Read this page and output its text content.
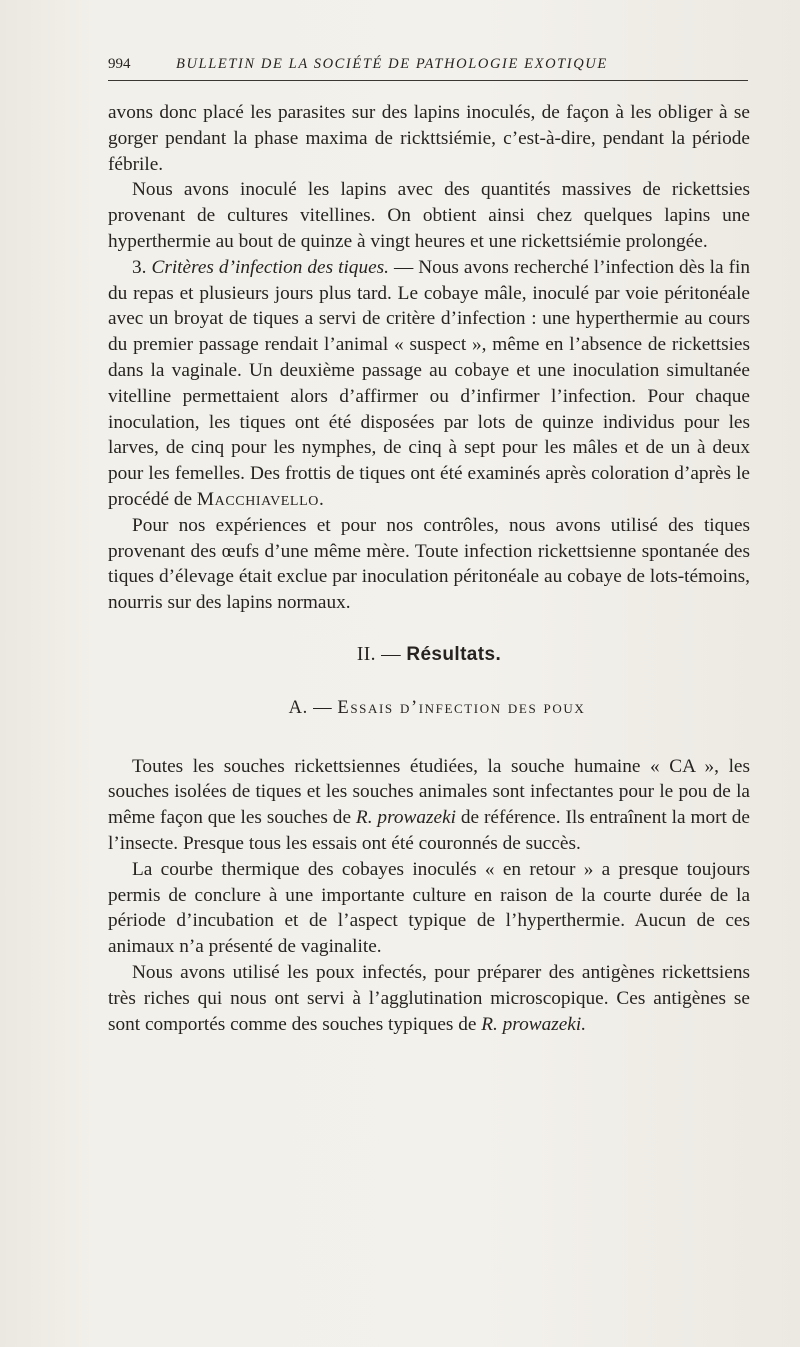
994	BULLETIN DE LA SOCIÉTÉ DE PATHOLOGIE EXOTIQUE

avons donc placé les parasites sur des lapins inoculés, de façon à les obliger à se gorger pendant la phase maxima de rickttsiémie, c’est-à-dire, pendant la période fébrile.

Nous avons inoculé les lapins avec des quantités massives de rickettsies provenant de cultures vitellines. On obtient ainsi chez quelques lapins une hyperthermie au bout de quinze à vingt heures et une rickettsiémie prolongée.

3. Critères d’infection des tiques. — Nous avons recherché l’infection dès la fin du repas et plusieurs jours plus tard. Le cobaye mâle, inoculé par voie péritonéale avec un broyat de tiques a servi de critère d’infection : une hyperthermie au cours du premier passage rendait l’animal « suspect », même en l’absence de rickettsies dans la vaginale. Un deuxième passage au cobaye et une inoculation simultanée vitelline permettaient alors d’affirmer ou d’infirmer l’infection. Pour chaque inoculation, les tiques ont été disposées par lots de quinze individus pour les larves, de cinq pour les nymphes, de cinq à sept pour les mâles et de un à deux pour les femelles. Des frottis de tiques ont été examinés après coloration d’après le procédé de Macchiavello.

Pour nos expériences et pour nos contrôles, nous avons utilisé des tiques provenant des œufs d’une même mère. Toute infection rickettsienne spontanée des tiques d’élevage était exclue par inoculation péritonéale au cobaye de lots-témoins, nourris sur des lapins normaux.

II. — Résultats.
A. — Essais d’infection des poux

Toutes les souches rickettsiennes étudiées, la souche humaine « CA », les souches isolées de tiques et les souches animales sont infectantes pour le pou de la même façon que les souches de R. prowazeki de référence. Ils entraînent la mort de l’insecte. Presque tous les essais ont été couronnés de succès.

La courbe thermique des cobayes inoculés « en retour » a presque toujours permis de conclure à une importante culture en raison de la courte durée de la période d’incubation et de l’aspect typique de l’hyperthermie. Aucun de ces animaux n’a présenté de vaginalite.

Nous avons utilisé les poux infectés, pour préparer des antigènes rickettsiens très riches qui nous ont servi à l’agglutination microscopique. Ces antigènes se sont comportés comme des souches typiques de R. prowazeki.
